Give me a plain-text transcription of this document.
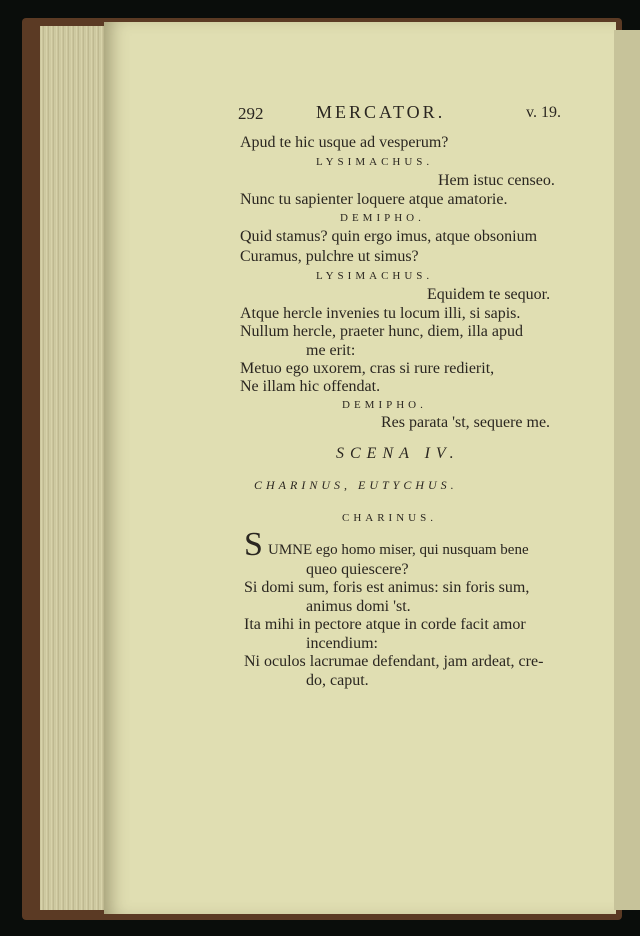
292	MERCATOR.	v. 19.
Apud te hic usque ad vesperum?
LYSIMACHUS.
Hem istuc censeo.
Nunc tu sapienter loquere atque amatorie.
DEMIPHO.
Quid stamus? quin ergo imus, atque obsonium
Curamus, pulchre ut simus?
LYSIMACHUS.
Equidem te sequor.
Atque hercle invenies tu locum illi, si sapis.
Nullum hercle, praeter hunc, diem, illa apud
me erit:
Metuo ego uxorem, cras si rure redierit,
Ne illam hic offendat.
DEMIPHO.
Res parata 'st, sequere me.
SCENA IV.
CHARINUS, EUTYCHUS.
CHARINUS.
S UMNE ego homo miser, qui nusquam bene
queo quiescere?
Si domi sum, foris est animus: sin foris sum,
animus domi 'st.
Ita mihi in pectore atque in corde facit amor
incendium:
Ni oculos lacrumae defendant, jam ardeat, cre-
do, caput.
